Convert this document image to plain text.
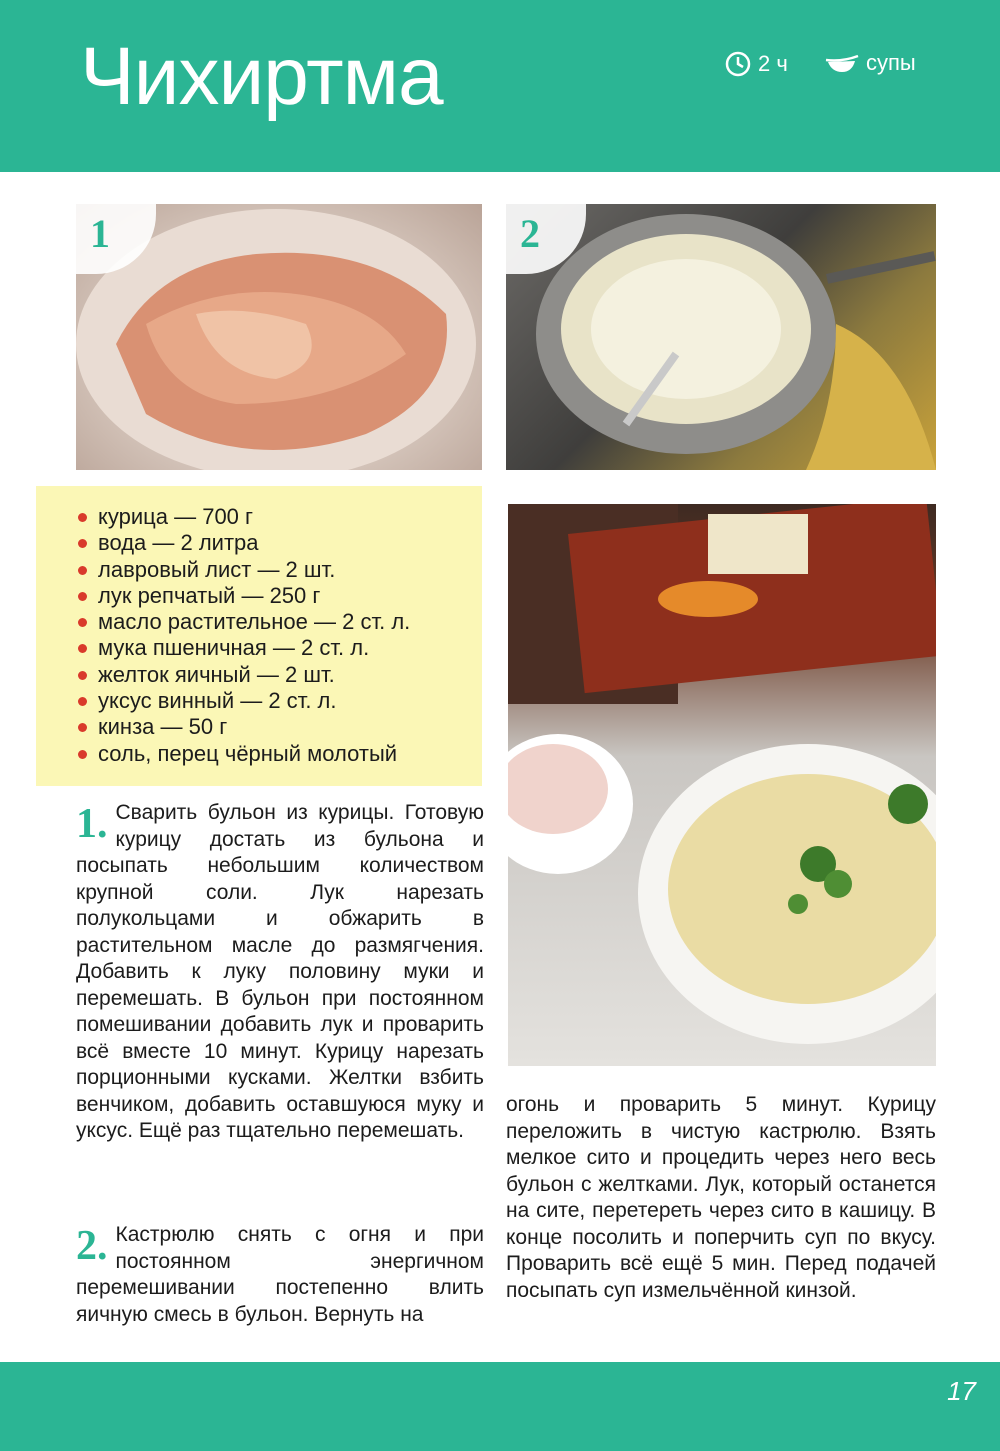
Чихиртма	2 ч	супы
1	2
курица — 700 г
вода — 2 литра
лавровый лист — 2 шт.
лук репчатый — 250 г
масло растительное — 2 ст. л.
мука пшеничная — 2 ст. л.
желток яичный — 2 шт.
уксус винный — 2 ст. л.
кинза — 50 г
соль, перец чёрный молотый
1. Сварить бульон из курицы. Готовую курицу достать из бульона и посыпать небольшим количеством крупной соли. Лук нарезать полукольцами и обжарить в растительном масле до размягчения. Добавить к луку половину муки и перемешать. В бульон при постоянном помешивании добавить лук и проварить всё вместе 10 минут. Курицу нарезать порционными кусками. Желтки взбить венчиком, добавить оставшуюся муку и уксус. Ещё раз тщательно перемешать.
2. Кастрюлю снять с огня и при постоянном энергичном перемешивании постепенно влить яичную смесь в бульон. Вернуть на
огонь и проварить 5 минут. Курицу переложить в чистую кастрюлю. Взять мелкое сито и процедить через него весь бульон с желтками. Лук, который останется на сите, перетереть через сито в кашицу. В конце посолить и поперчить суп по вкусу. Проварить всё ещё 5 мин. Перед подачей посыпать суп измельчённой кинзой.
17
